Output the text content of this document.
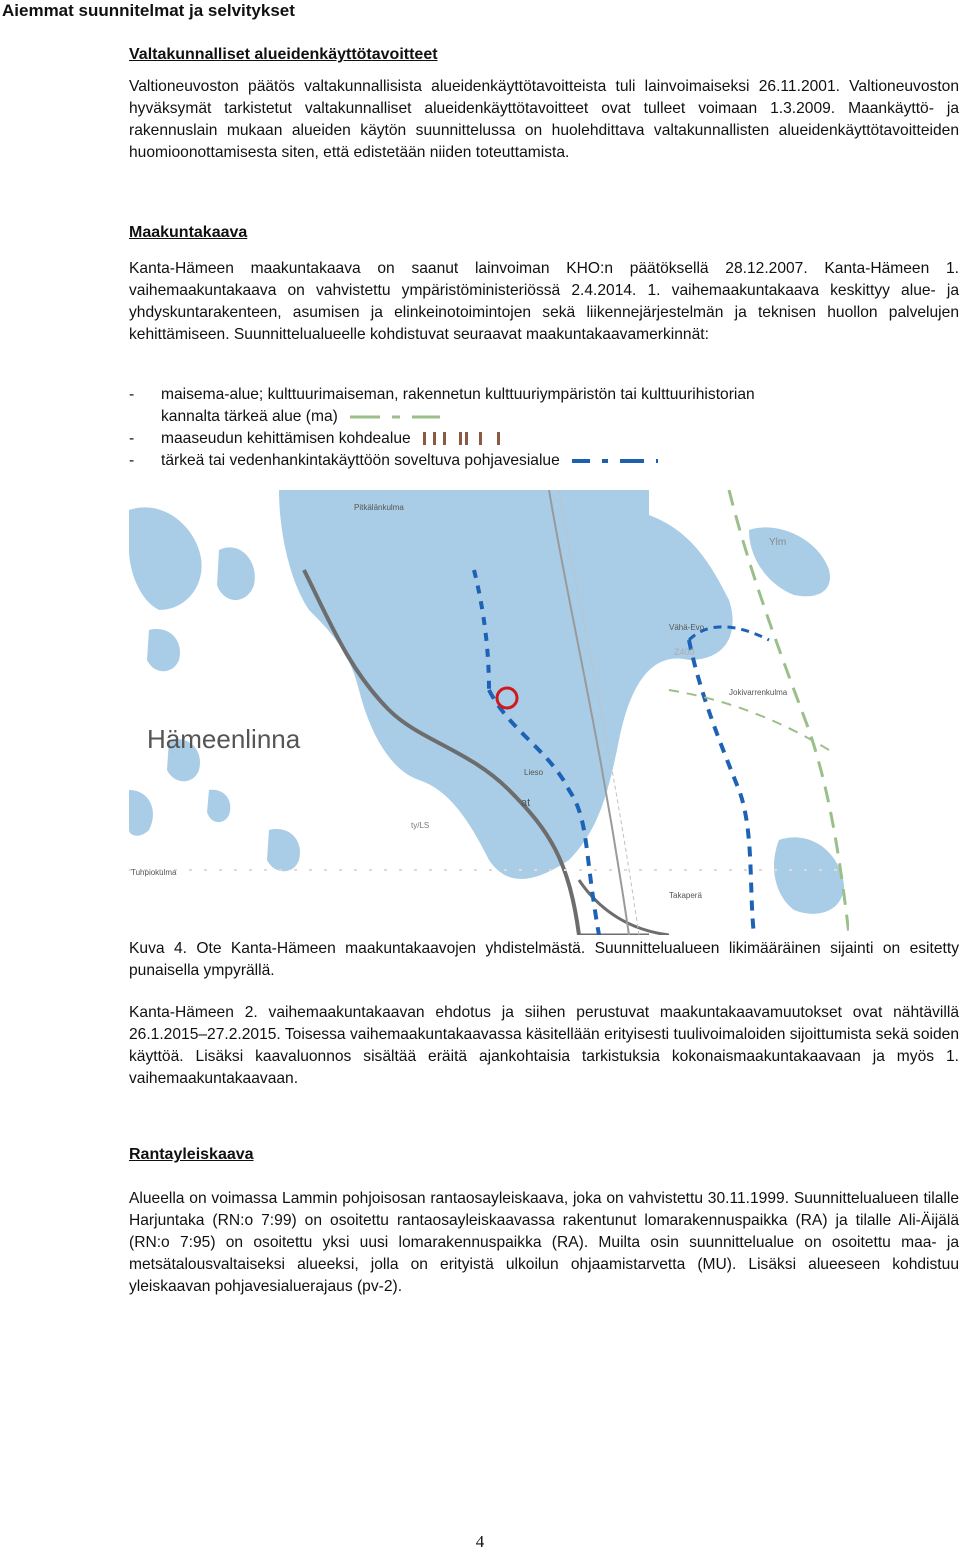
Aiemmat suunnitelmat ja selvitykset
Valtakunnalliset alueidenkäyttötavoitteet

Valtioneuvoston päätös valtakunnallisista alueidenkäyttötavoitteista tuli lainvoimaiseksi 26.11.2001. Valtioneuvoston hyväksymät tarkistetut valtakunnalliset alueidenkäyttötavoitteet ovat tulleet voimaan 1.3.2009. Maankäyttö- ja rakennuslain mukaan alueiden käytön suunnittelussa on huolehdittava valtakunnallisten alueidenkäyttötavoitteiden huomioonottamisesta siten, että edistetään niiden toteuttamista.

Maakuntakaava

Kanta-Hämeen maakuntakaava on saanut lainvoiman KHO:n päätöksellä 28.12.2007. Kanta-Hämeen 1. vaihemaakuntakaava on vahvistettu ympäristöministeriössä 2.4.2014. 1. vaihemaakuntakaava keskittyy alue- ja yhdyskuntarakenteen, asumisen ja elinkeinotoimintojen sekä liikennejärjestelmän ja teknisen huollon palvelujen kehittämiseen. Suunnittelualueelle kohdistuvat seuraavat maakuntakaavamerkinnät:

- maisema-alue; kulttuurimaiseman, rakennetun kulttuuriympäristön tai kulttuurihistorian
kannalta tärkeä alue (ma)
- maaseudun kehittämisen kohdealue
- tärkeä tai vedenhankintakäyttöön soveltuva pohjavesialue
Hämeenlinna
Pitkälänkulma
Ylm
Vähä-Evo
Z400
Jokivarrenkulma
Lieso
at
ty/LS
Tuhpiokulma
Takaperä

Kuva 4. Ote Kanta-Hämeen maakuntakaavojen yhdistelmästä. Suunnittelualueen likimääräinen sijainti on esitetty punaisella ympyrällä.

Kanta-Hämeen 2. vaihemaakuntakaavan ehdotus ja siihen perustuvat maakuntakaavamuutokset ovat nähtävillä 26.1.2015–27.2.2015. Toisessa vaihemaakuntakaavassa käsitellään erityisesti tuulivoimaloiden sijoittumista sekä soiden käyttöä. Lisäksi kaavaluonnos sisältää eräitä ajankohtaisia tarkistuksia kokonaismaakuntakaavaan ja myös 1. vaihemaakuntakaavaan.

Rantayleiskaava

Alueella on voimassa Lammin pohjoisosan rantaosayleiskaava, joka on vahvistettu 30.11.1999. Suunnittelualueen tilalle Harjuntaka (RN:o 7:99) on osoitettu rantaosayleiskaavassa rakentunut lomarakennuspaikka (RA) ja tilalle Ali-Äijälä (RN:o 7:95) on osoitettu yksi uusi lomarakennuspaikka (RA). Muilta osin suunnittelualue on osoitettu maa- ja metsätalousvaltaiseksi alueeksi, jolla on erityistä ulkoilun ohjaamistarvetta (MU). Lisäksi alueeseen kohdistuu yleiskaavan pohjavesialuerajaus (pv-2).

4
